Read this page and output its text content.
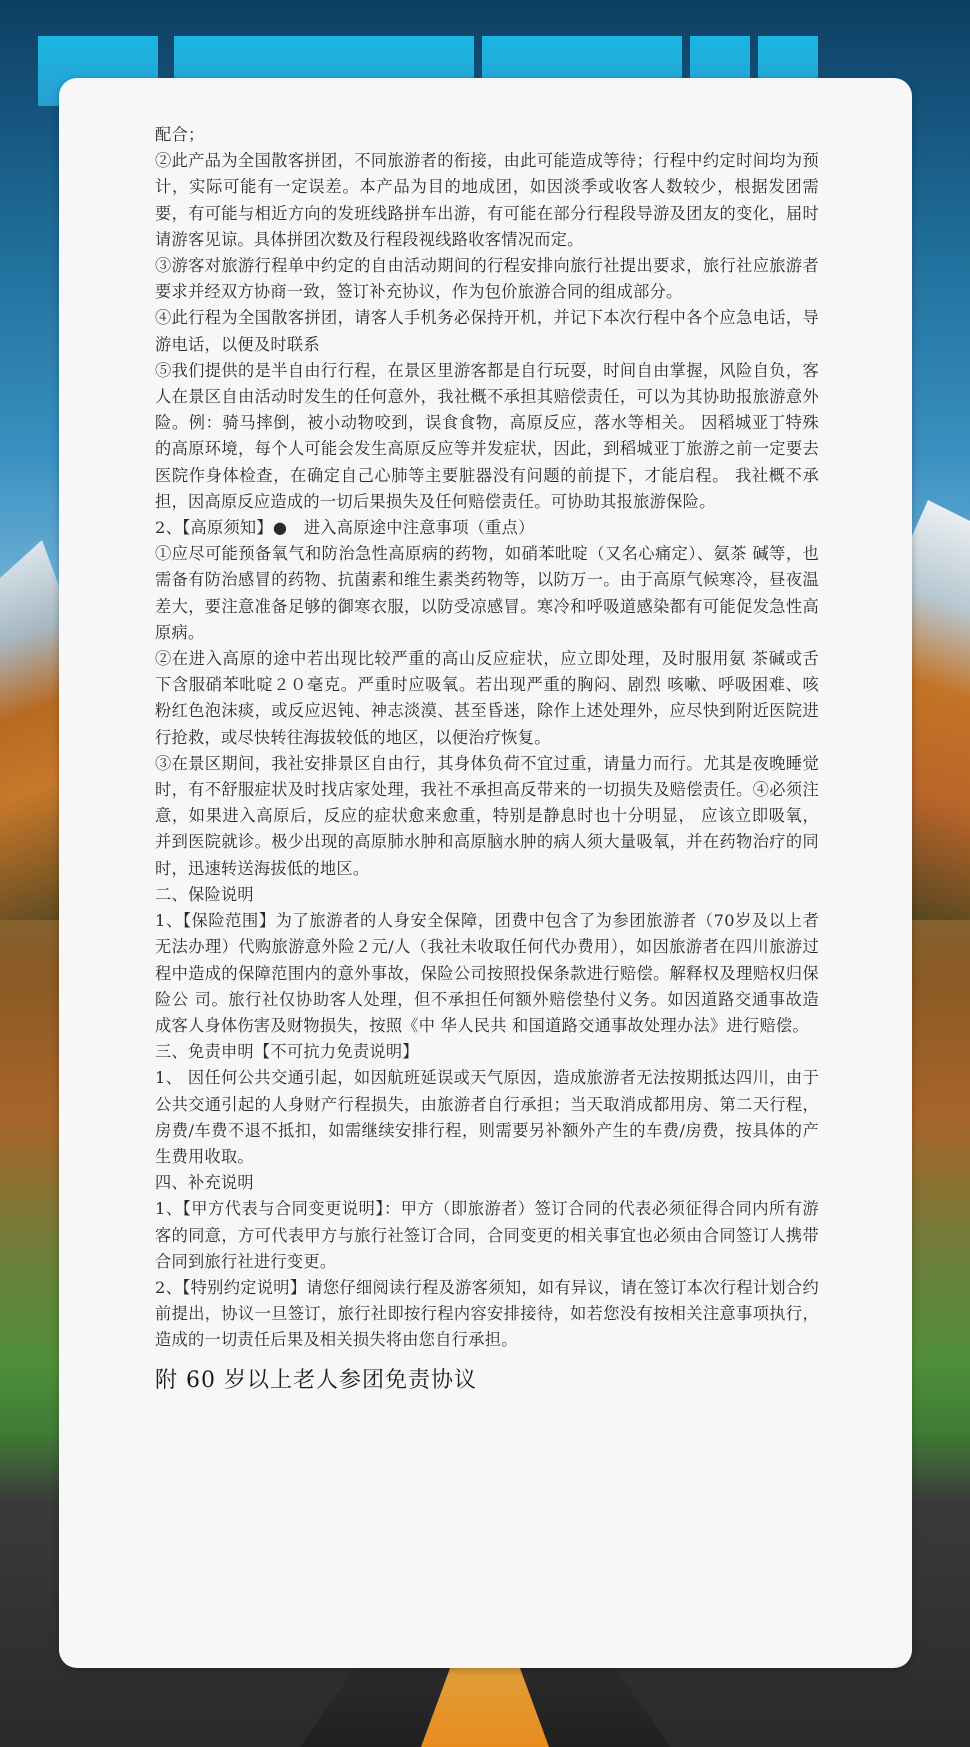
配合；

②此产品为全国散客拼团，不同旅游者的衔接，由此可能造成等待；行程中约定时间均为预计，实际可能有一定误差。本产品为目的地成团，如因淡季或收客人数较少，根据发团需要，有可能与相近方向的发班线路拼车出游，有可能在部分行程段导游及团友的变化，届时请游客见谅。具体拼团次数及行程段视线路收客情况而定。

③游客对旅游行程单中约定的自由活动期间的行程安排向旅行社提出要求，旅行社应旅游者要求并经双方协商一致，签订补充协议，作为包价旅游合同的组成部分。

④此行程为全国散客拼团，请客人手机务必保持开机，并记下本次行程中各个应急电话，导游电话，以便及时联系

⑤我们提供的是半自由行行程，在景区里游客都是自行玩耍，时间自由掌握，风险自负，客人在景区自由活动时发生的任何意外，我社概不承担其赔偿责任，可以为其协助报旅游意外险。例：骑马摔倒，被小动物咬到，误食食物，高原反应，落水等相关。 因稻城亚丁特殊的高原环境，每个人可能会发生高原反应等并发症状，因此，到稻城亚丁旅游之前一定要去医院作身体检查，在确定自己心肺等主要脏器没有问题的前提下，才能启程。 我社概不承担，因高原反应造成的一切后果损失及任何赔偿责任。可协助其报旅游保险。

2、【高原须知】●　进入高原途中注意事项（重点）

①应尽可能预备氧气和防治急性高原病的药物，如硝苯吡啶（又名心痛定）、氨茶 碱等，也需备有防治感冒的药物、抗菌素和维生素类药物等，以防万一。由于高原气候寒冷，昼夜温差大，要注意准备足够的御寒衣服，以防受凉感冒。寒冷和呼吸道感染都有可能促发急性高原病。

②在进入高原的途中若出现比较严重的高山反应症状，应立即处理，及时服用氨 茶碱或舌下含服硝苯吡啶２０毫克。严重时应吸氧。若出现严重的胸闷、剧烈 咳嗽、呼吸困难、咳粉红色泡沫痰，或反应迟钝、神志淡漠、甚至昏迷，除作上述处理外，应尽快到附近医院进行抢救，或尽快转往海拔较低的地区，以便治疗恢复。

③在景区期间，我社安排景区自由行，其身体负荷不宜过重，请量力而行。尤其是夜晚睡觉时，有不舒服症状及时找店家处理，我社不承担高反带来的一切损失及赔偿责任。④必须注意，如果进入高原后，反应的症状愈来愈重，特别是静息时也十分明显， 应该立即吸氧，并到医院就诊。极少出现的高原肺水肿和高原脑水肿的病人须大量吸氧，并在药物治疗的同时，迅速转送海拔低的地区。

二、保险说明

1、【保险范围】为了旅游者的人身安全保障，团费中包含了为参团旅游者（70岁及以上者无法办理）代购旅游意外险２元/人（我社未收取任何代办费用），如因旅游者在四川旅游过程中造成的保障范围内的意外事故，保险公司按照投保条款进行赔偿。解释权及理赔权归保 险公 司。旅行社仅协助客人处理，但不承担任何额外赔偿垫付义务。如因道路交通事故造成客人身体伤害及财物损失，按照《中 华人民共 和国道路交通事故处理办法》进行赔偿。

三、免责申明【不可抗力免责说明】

1、 因任何公共交通引起，如因航班延误或天气原因，造成旅游者无法按期抵达四川，由于公共交通引起的人身财产行程损失，由旅游者自行承担；当天取消成都用房、第二天行程，房费/车费不退不抵扣，如需继续安排行程，则需要另补额外产生的车费/房费，按具体的产生费用收取。

四、补充说明

1、【甲方代表与合同变更说明】：甲方（即旅游者）签订合同的代表必须征得合同内所有游客的同意，方可代表甲方与旅行社签订合同，合同变更的相关事宜也必须由合同签订人携带合同到旅行社进行变更。

2、【特别约定说明】请您仔细阅读行程及游客须知，如有异议，请在签订本次行程计划合约前提出，协议一旦签订，旅行社即按行程内容安排接待，如若您没有按相关注意事项执行，造成的一切责任后果及相关损失将由您自行承担。

附 60 岁以上老人参团免责协议
